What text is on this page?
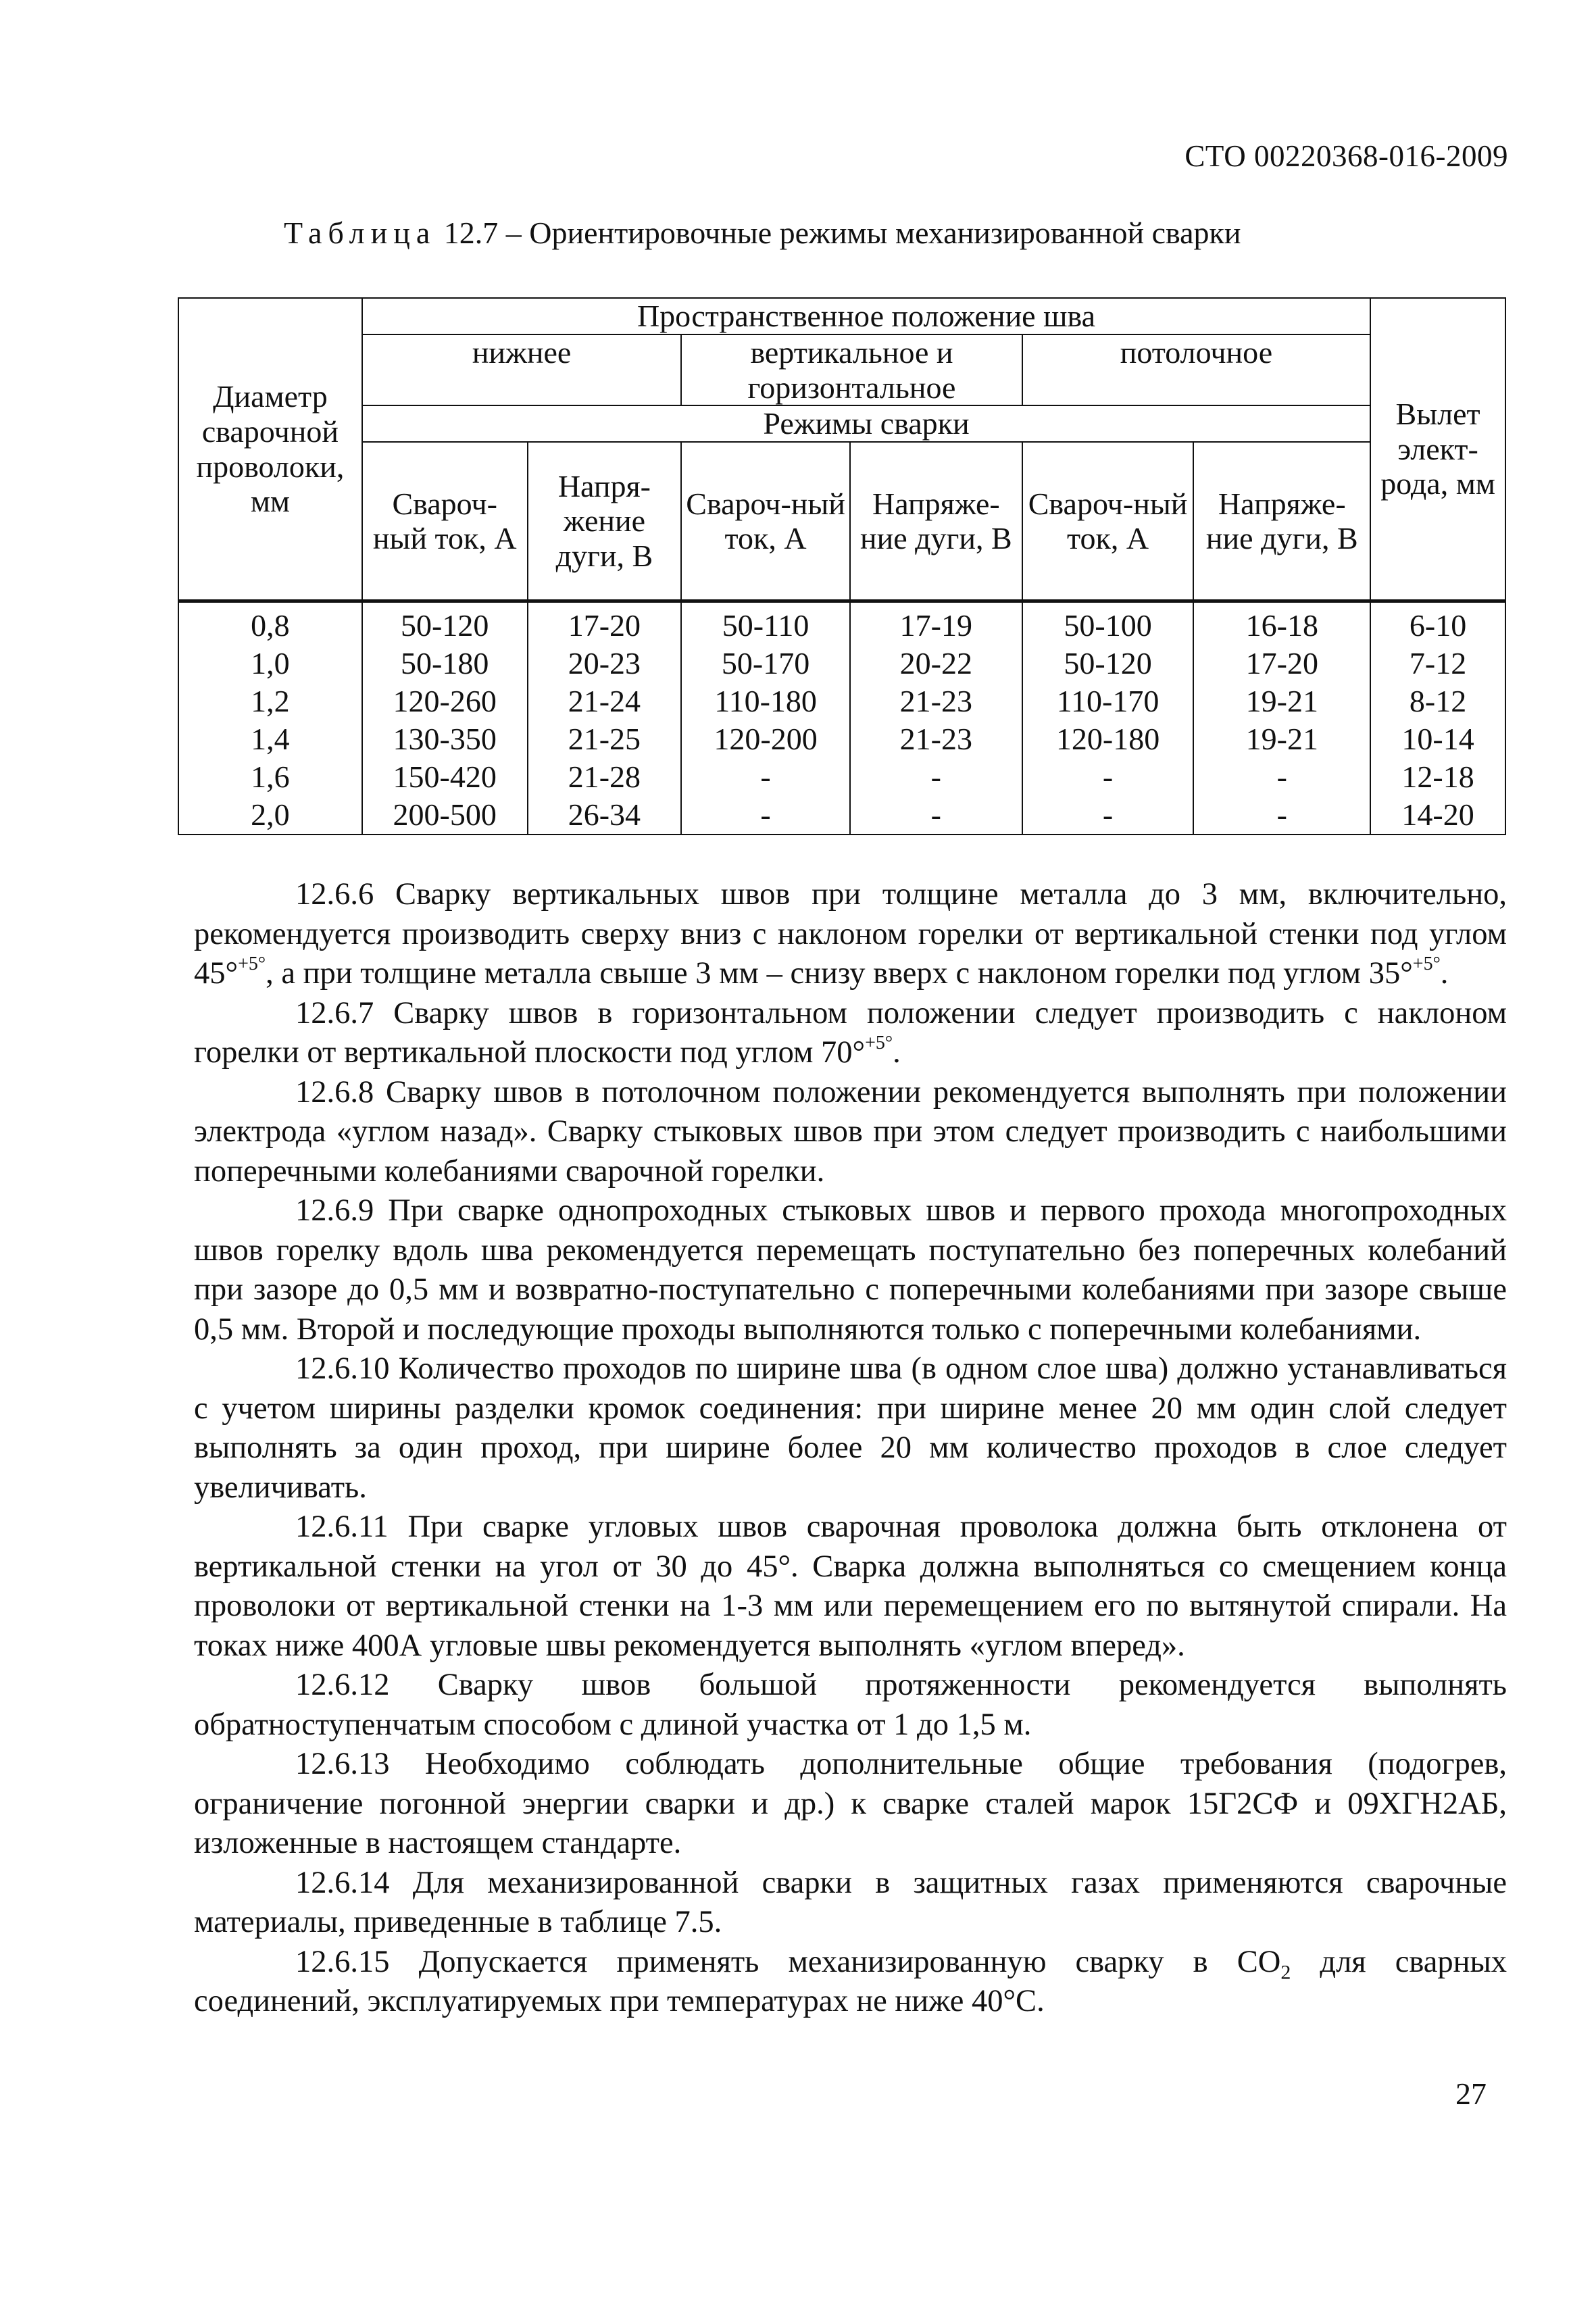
СТО 00220368-016-2009
Таблица 12.7 – Ориентировочные режимы механизированной сварки
Диаметр сварочной проволоки, мм	Пространственное положение шва						Вылет элект-рода, мм
	нижнее		вертикальное и горизонтальное		потолочное		
	Режимы сварки						
	Свароч-ный ток, А	Напря-жение дуги, В	Свароч-ный ток, А	Напряже-ние дуги, В	Свароч-ный ток, А	Напряже-ние дуги, В	
0,8	50-120	17-20	50-110	17-19	50-100	16-18	6-10
1,0	50-180	20-23	50-170	20-22	50-120	17-20	7-12
1,2	120-260	21-24	110-180	21-23	110-170	19-21	8-12
1,4	130-350	21-25	120-200	21-23	120-180	19-21	10-14
1,6	150-420	21-28	-	-	-	-	12-18
2,0	200-500	26-34	-	-	-	-	14-20

12.6.6 Сварку вертикальных швов при толщине металла до 3 мм, включительно, рекомендуется производить сверху вниз с наклоном горелки от вертикальной стенки под углом 45°$^{+5^\circ}$, а при толщине металла свыше 3 мм – снизу вверх с наклоном горелки под углом 35°$^{+5^\circ}$.

12.6.7 Сварку швов в горизонтальном положении следует производить с наклоном горелки от вертикальной плоскости под углом 70°$^{+5^\circ}$.

12.6.8 Сварку швов в потолочном положении рекомендуется выполнять при положении электрода «углом назад». Сварку стыковых швов при этом следует производить с наибольшими поперечными колебаниями сварочной горелки.

12.6.9 При сварке однопроходных стыковых швов и первого прохода многопроходных швов горелку вдоль шва рекомендуется перемещать поступательно без поперечных колебаний при зазоре до 0,5 мм и возвратно-поступательно с поперечными колебаниями при зазоре свыше 0,5 мм. Второй и последующие проходы выполняются только с поперечными колебаниями.

12.6.10 Количество проходов по ширине шва (в одном слое шва) должно устанавливаться с учетом ширины разделки кромок соединения: при ширине менее 20 мм один слой следует выполнять за один проход, при ширине более 20 мм количество проходов в слое следует увеличивать.

12.6.11 При сварке угловых швов сварочная проволока должна быть отклонена от вертикальной стенки на угол от 30 до 45°. Сварка должна выполняться со смещением конца проволоки от вертикальной стенки на 1-3 мм или перемещением его по вытянутой спирали. На токах ниже 400А угловые швы рекомендуется выполнять «углом вперед».

12.6.12 Сварку швов большой протяженности рекомендуется выполнять обратноступенчатым способом с длиной участка от 1 до 1,5 м.

12.6.13 Необходимо соблюдать дополнительные общие требования (подогрев, ограничение погонной энергии сварки и др.) к сварке сталей марок 15Г2СФ и 09ХГН2АБ, изложенные в настоящем стандарте.

12.6.14 Для механизированной сварки в защитных газах применяются сварочные материалы, приведенные в таблице 7.5.

12.6.15 Допускается применять механизированную сварку в $CO_2$ для сварных соединений, эксплуатируемых при температурах не ниже 40°С.

27
